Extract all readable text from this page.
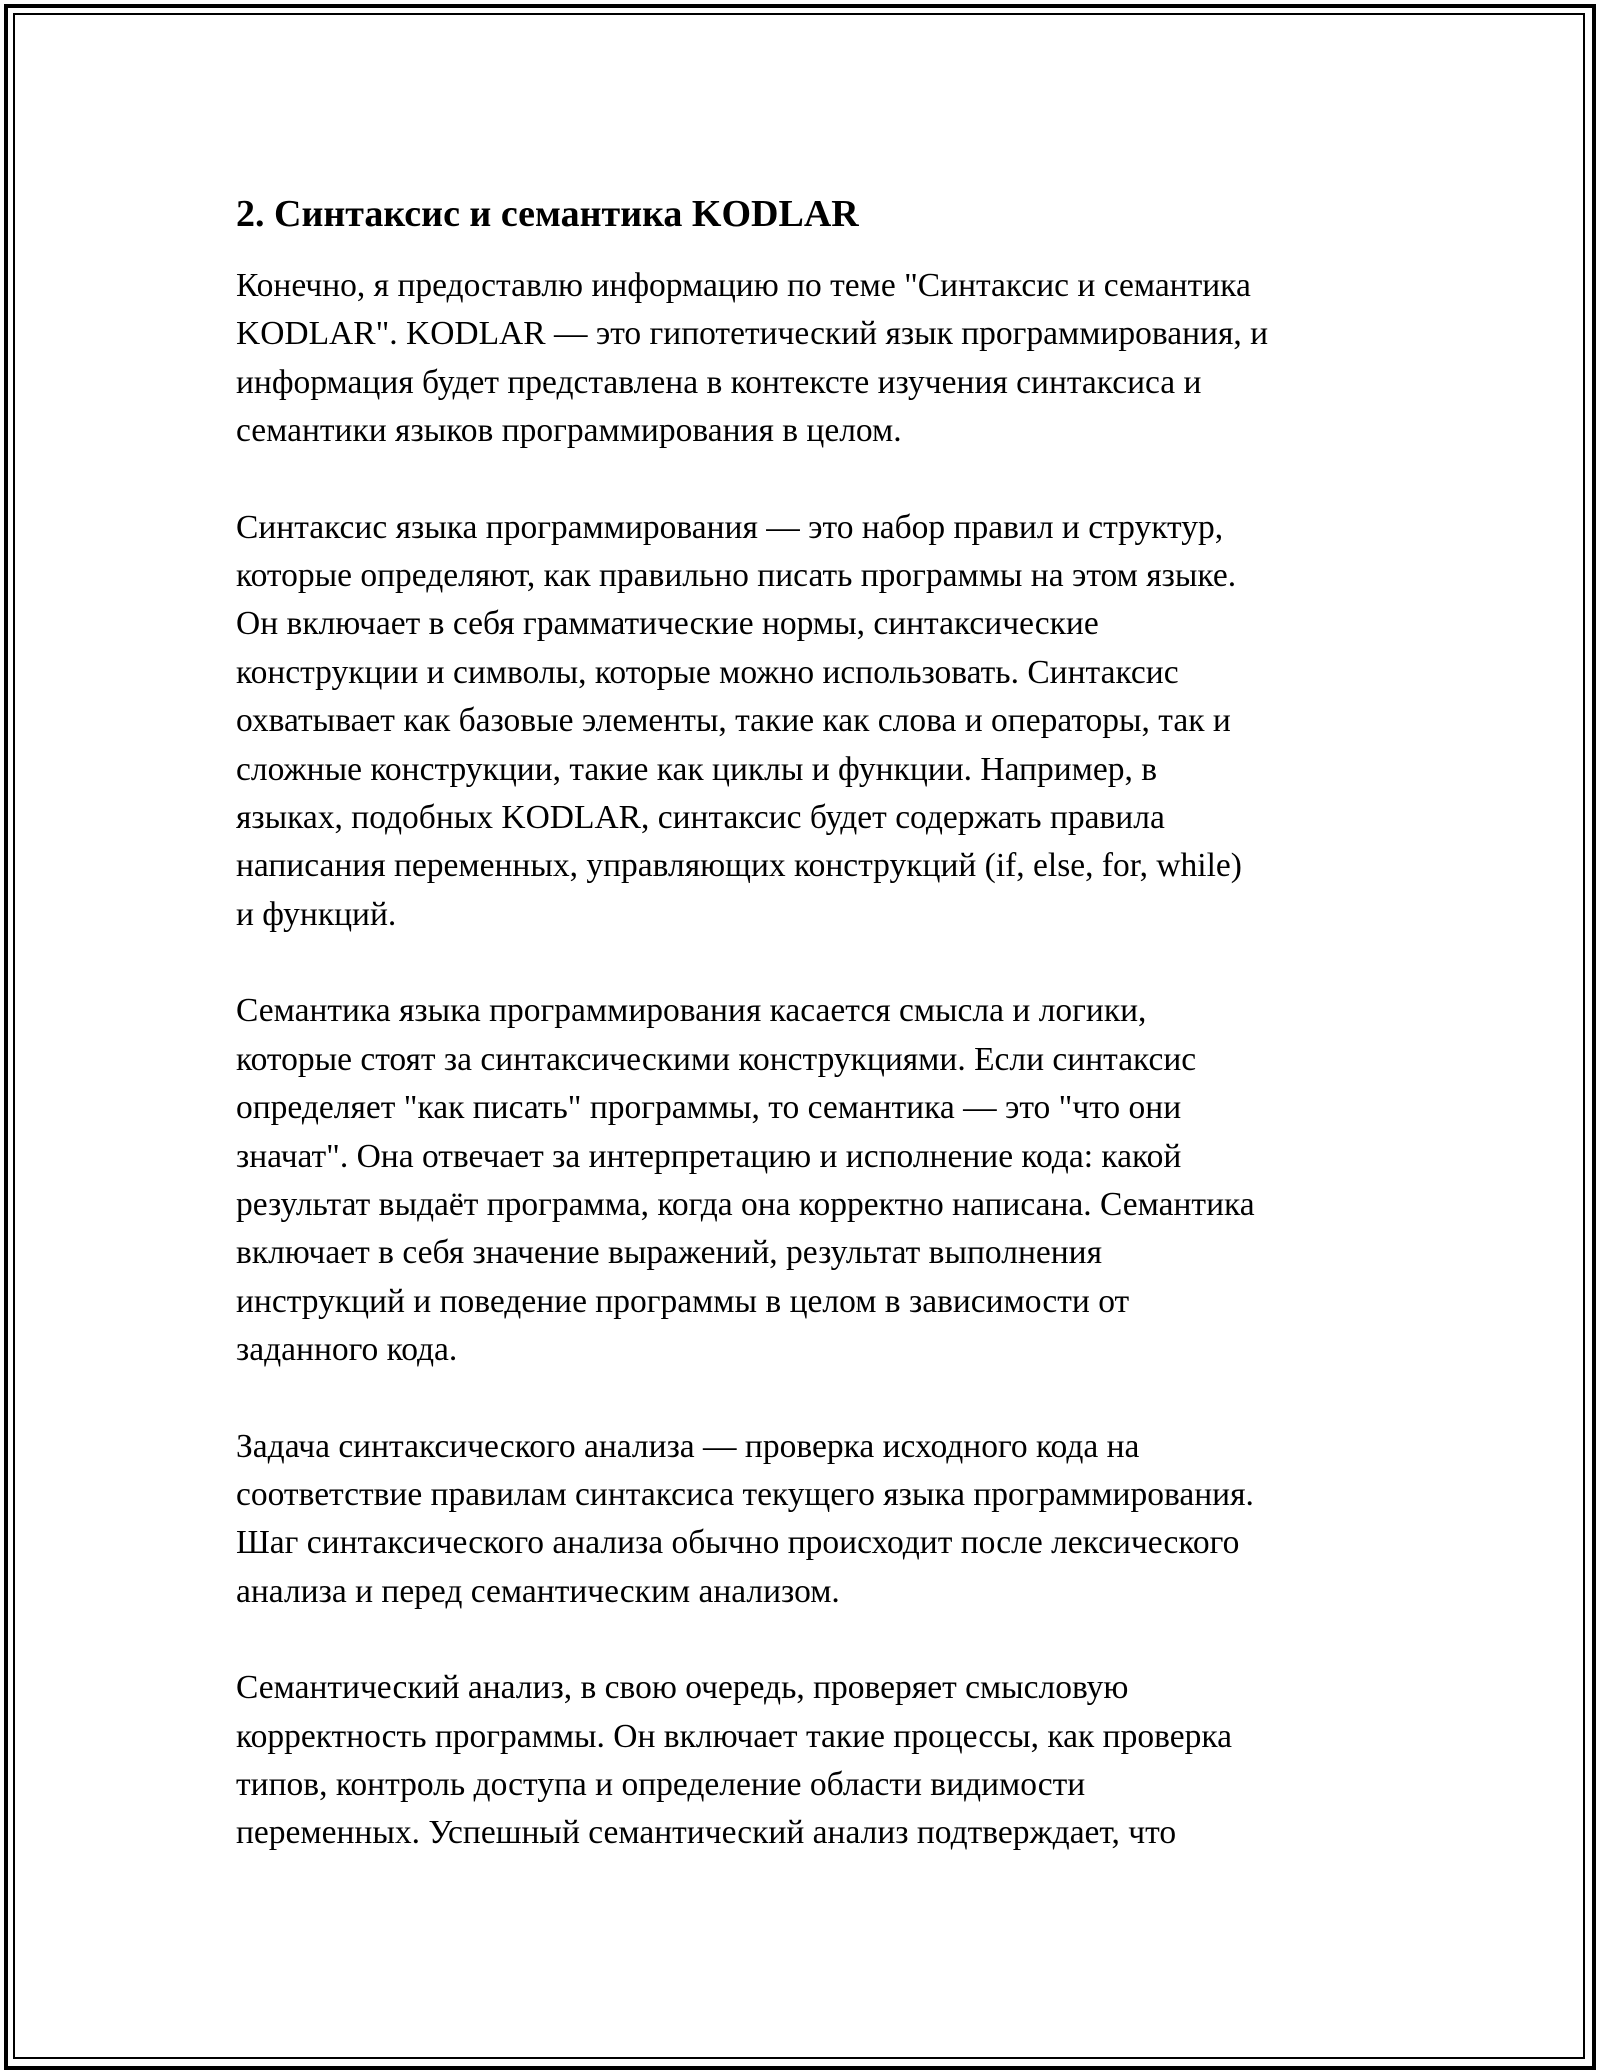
2. Синтаксис и семантика KODLAR

Конечно, я предоставлю информацию по теме "Синтаксис и семантика
KODLAR". KODLAR — это гипотетический язык программирования, и
информация будет представлена в контексте изучения синтаксиса и
семантики языков программирования в целом.

Синтаксис языка программирования — это набор правил и структур,
которые определяют, как правильно писать программы на этом языке.
Он включает в себя грамматические нормы, синтаксические
конструкции и символы, которые можно использовать. Синтаксис
охватывает как базовые элементы, такие как слова и операторы, так и
сложные конструкции, такие как циклы и функции. Например, в
языках, подобных KODLAR, синтаксис будет содержать правила
написания переменных, управляющих конструкций (if, else, for, while)
и функций.

Семантика языка программирования касается смысла и логики,
которые стоят за синтаксическими конструкциями. Если синтаксис
определяет "как писать" программы, то семантика — это "что они
значат". Она отвечает за интерпретацию и исполнение кода: какой
результат выдаёт программа, когда она корректно написана. Семантика
включает в себя значение выражений, результат выполнения
инструкций и поведение программы в целом в зависимости от
заданного кода.

Задача синтаксического анализа — проверка исходного кода на
соответствие правилам синтаксиса текущего языка программирования.
Шаг синтаксического анализа обычно происходит после лексического
анализа и перед семантическим анализом.

Семантический анализ, в свою очередь, проверяет смысловую
корректность программы. Он включает такие процессы, как проверка
типов, контроль доступа и определение области видимости
переменных. Успешный семантический анализ подтверждает, что
